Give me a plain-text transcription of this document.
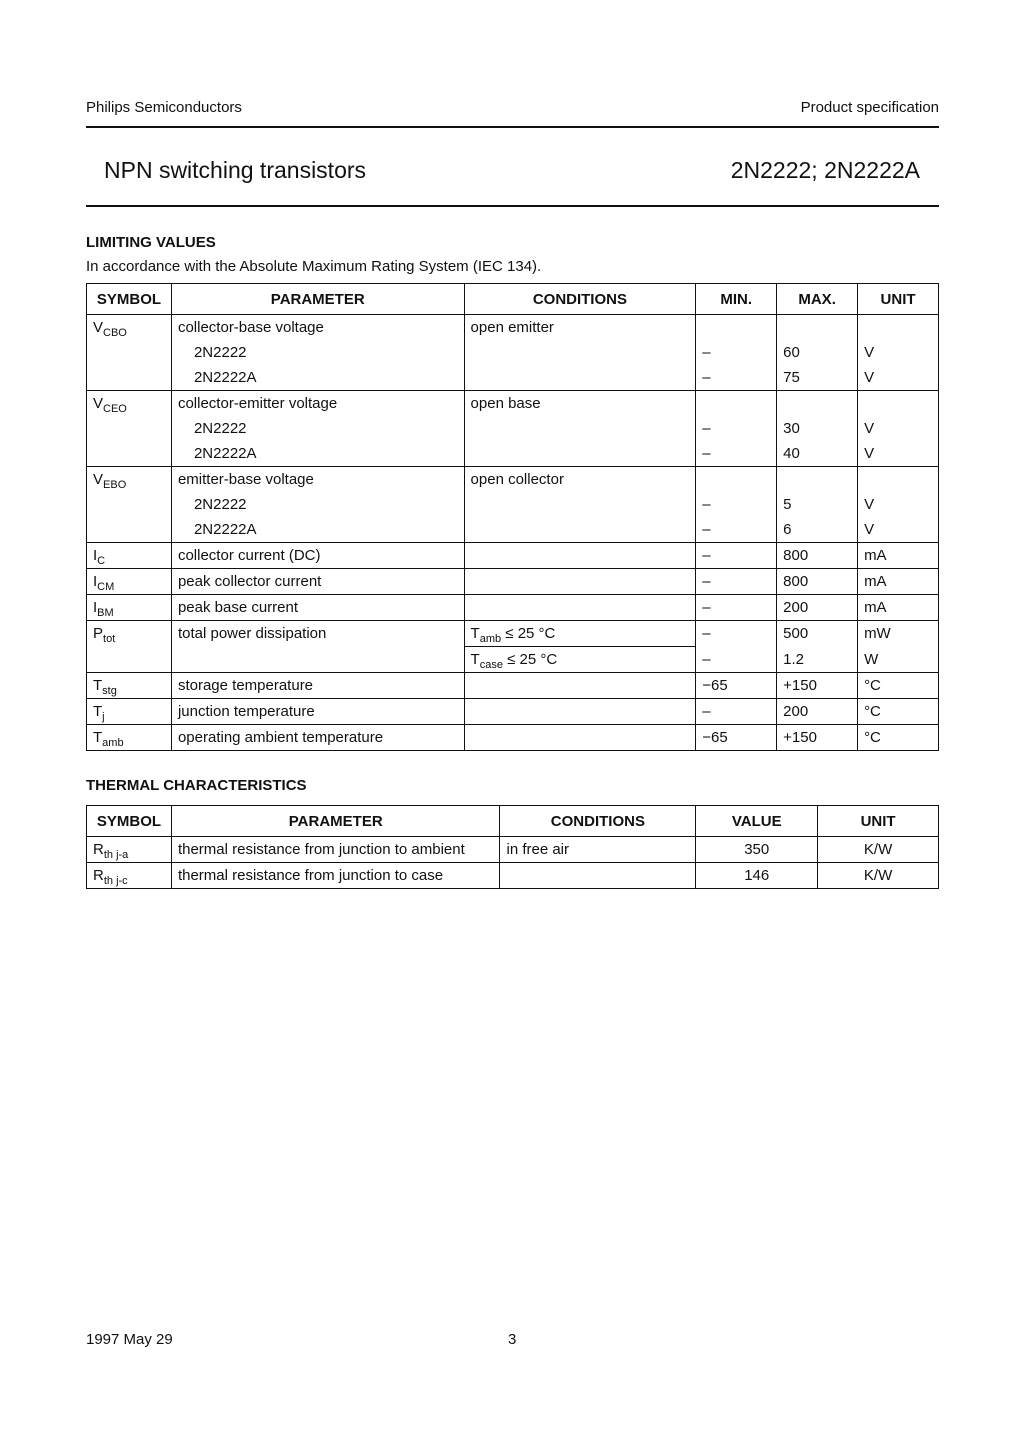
Philips Semiconductors	Product specification
NPN switching transistors	2N2222; 2N2222A
LIMITING VALUES
In accordance with the Absolute Maximum Rating System (IEC 134).
SYMBOL	PARAMETER	CONDITIONS	MIN.	MAX.	UNIT
$V_{CBO}$	collector-base voltage	open emitter			
	2N2222		–	60	V
	2N2222A		–	75	V
$V_{CEO}$	collector-emitter voltage	open base			
	2N2222		–	30	V
	2N2222A		–	40	V
$V_{EBO}$	emitter-base voltage	open collector			
	2N2222		–	5	V
	2N2222A		–	6	V
$I_C$	collector current (DC)		–	800	mA
$I_{CM}$	peak collector current		–	800	mA
$I_{BM}$	peak base current		–	200	mA
$P_{tot}$	total power dissipation	$T_{amb} \le 25$ °C	–	500	mW
		$T_{case} \le 25$ °C	–	1.2	W
$T_{stg}$	storage temperature		−65	+150	°C
$T_j$	junction temperature		–	200	°C
$T_{amb}$	operating ambient temperature		−65	+150	°C
THERMAL CHARACTERISTICS
SYMBOL	PARAMETER	CONDITIONS	VALUE	UNIT
$R_{th j-a}$	thermal resistance from junction to ambient	in free air	350	K/W
$R_{th j-c}$	thermal resistance from junction to case		146	K/W
1997 May 29	3
